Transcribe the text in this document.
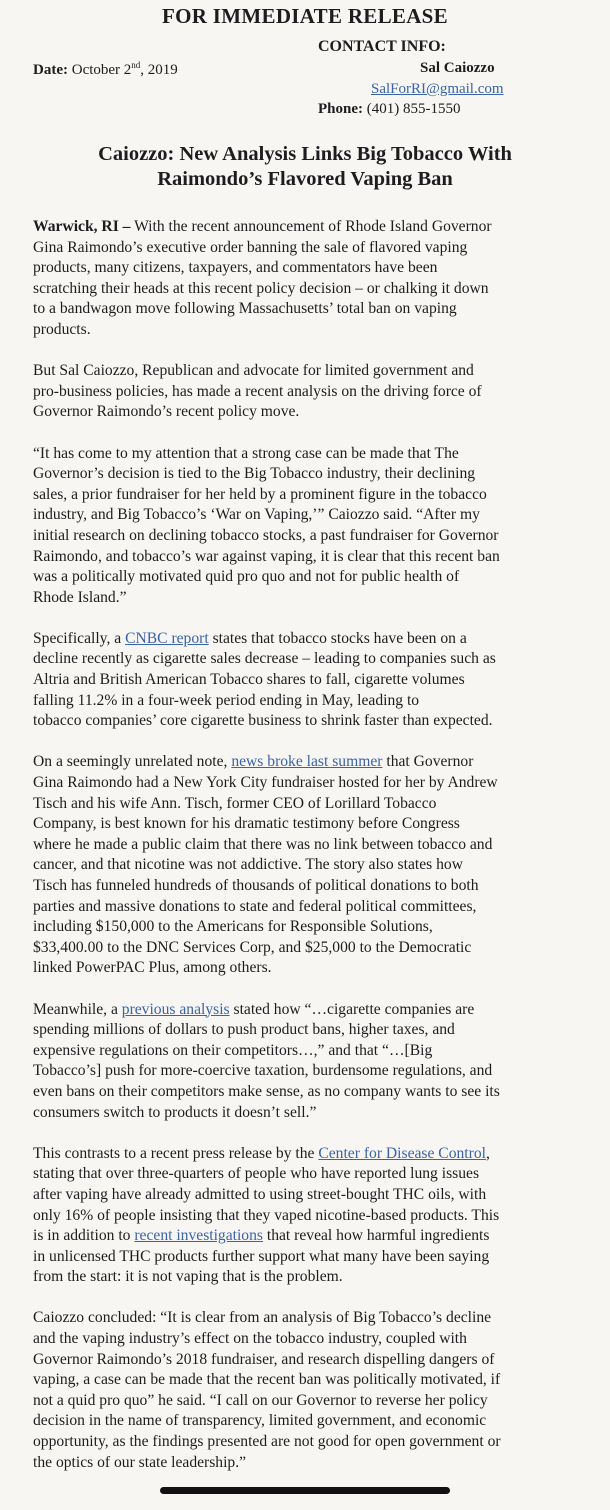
FOR IMMEDIATE RELEASE
CONTACT INFO:
Date: October 2nd, 2019	Sal Caiozzo
SalForRI@gmail.com
Phone: (401) 855-1550
Caiozzo: New Analysis Links Big Tobacco With
Raimondo’s Flavored Vaping Ban
Warwick, RI – With the recent announcement of Rhode Island Governor
Gina Raimondo’s executive order banning the sale of flavored vaping
products, many citizens, taxpayers, and commentators have been
scratching their heads at this recent policy decision – or chalking it down
to a bandwagon move following Massachusetts’ total ban on vaping
products.
But Sal Caiozzo, Republican and advocate for limited government and
pro-business policies, has made a recent analysis on the driving force of
Governor Raimondo’s recent policy move.
“It has come to my attention that a strong case can be made that The
Governor’s decision is tied to the Big Tobacco industry, their declining
sales, a prior fundraiser for her held by a prominent figure in the tobacco
industry, and Big Tobacco’s ‘War on Vaping,’” Caiozzo said. “After my
initial research on declining tobacco stocks, a past fundraiser for Governor
Raimondo, and tobacco’s war against vaping, it is clear that this recent ban
was a politically motivated quid pro quo and not for public health of
Rhode Island.”
Specifically, a CNBC report states that tobacco stocks have been on a
decline recently as cigarette sales decrease – leading to companies such as
Altria and British American Tobacco shares to fall, cigarette volumes
falling 11.2% in a four-week period ending in May, leading to
tobacco companies’ core cigarette business to shrink faster than expected.
On a seemingly unrelated note, news broke last summer that Governor
Gina Raimondo had a New York City fundraiser hosted for her by Andrew
Tisch and his wife Ann. Tisch, former CEO of Lorillard Tobacco
Company, is best known for his dramatic testimony before Congress
where he made a public claim that there was no link between tobacco and
cancer, and that nicotine was not addictive. The story also states how
Tisch has funneled hundreds of thousands of political donations to both
parties and massive donations to state and federal political committees,
including $150,000 to the Americans for Responsible Solutions,
$33,400.00 to the DNC Services Corp, and $25,000 to the Democratic
linked PowerPAC Plus, among others.
Meanwhile, a previous analysis stated how “…cigarette companies are
spending millions of dollars to push product bans, higher taxes, and
expensive regulations on their competitors…,” and that “…[Big
Tobacco’s] push for more-coercive taxation, burdensome regulations, and
even bans on their competitors make sense, as no company wants to see its
consumers switch to products it doesn’t sell.”
This contrasts to a recent press release by the Center for Disease Control,
stating that over three-quarters of people who have reported lung issues
after vaping have already admitted to using street-bought THC oils, with
only 16% of people insisting that they vaped nicotine-based products. This
is in addition to recent investigations that reveal how harmful ingredients
in unlicensed THC products further support what many have been saying
from the start: it is not vaping that is the problem.
Caiozzo concluded: “It is clear from an analysis of Big Tobacco’s decline
and the vaping industry’s effect on the tobacco industry, coupled with
Governor Raimondo’s 2018 fundraiser, and research dispelling dangers of
vaping, a case can be made that the recent ban was politically motivated, if
not a quid pro quo” he said. “I call on our Governor to reverse her policy
decision in the name of transparency, limited government, and economic
opportunity, as the findings presented are not good for open government or
the optics of our state leadership.”
